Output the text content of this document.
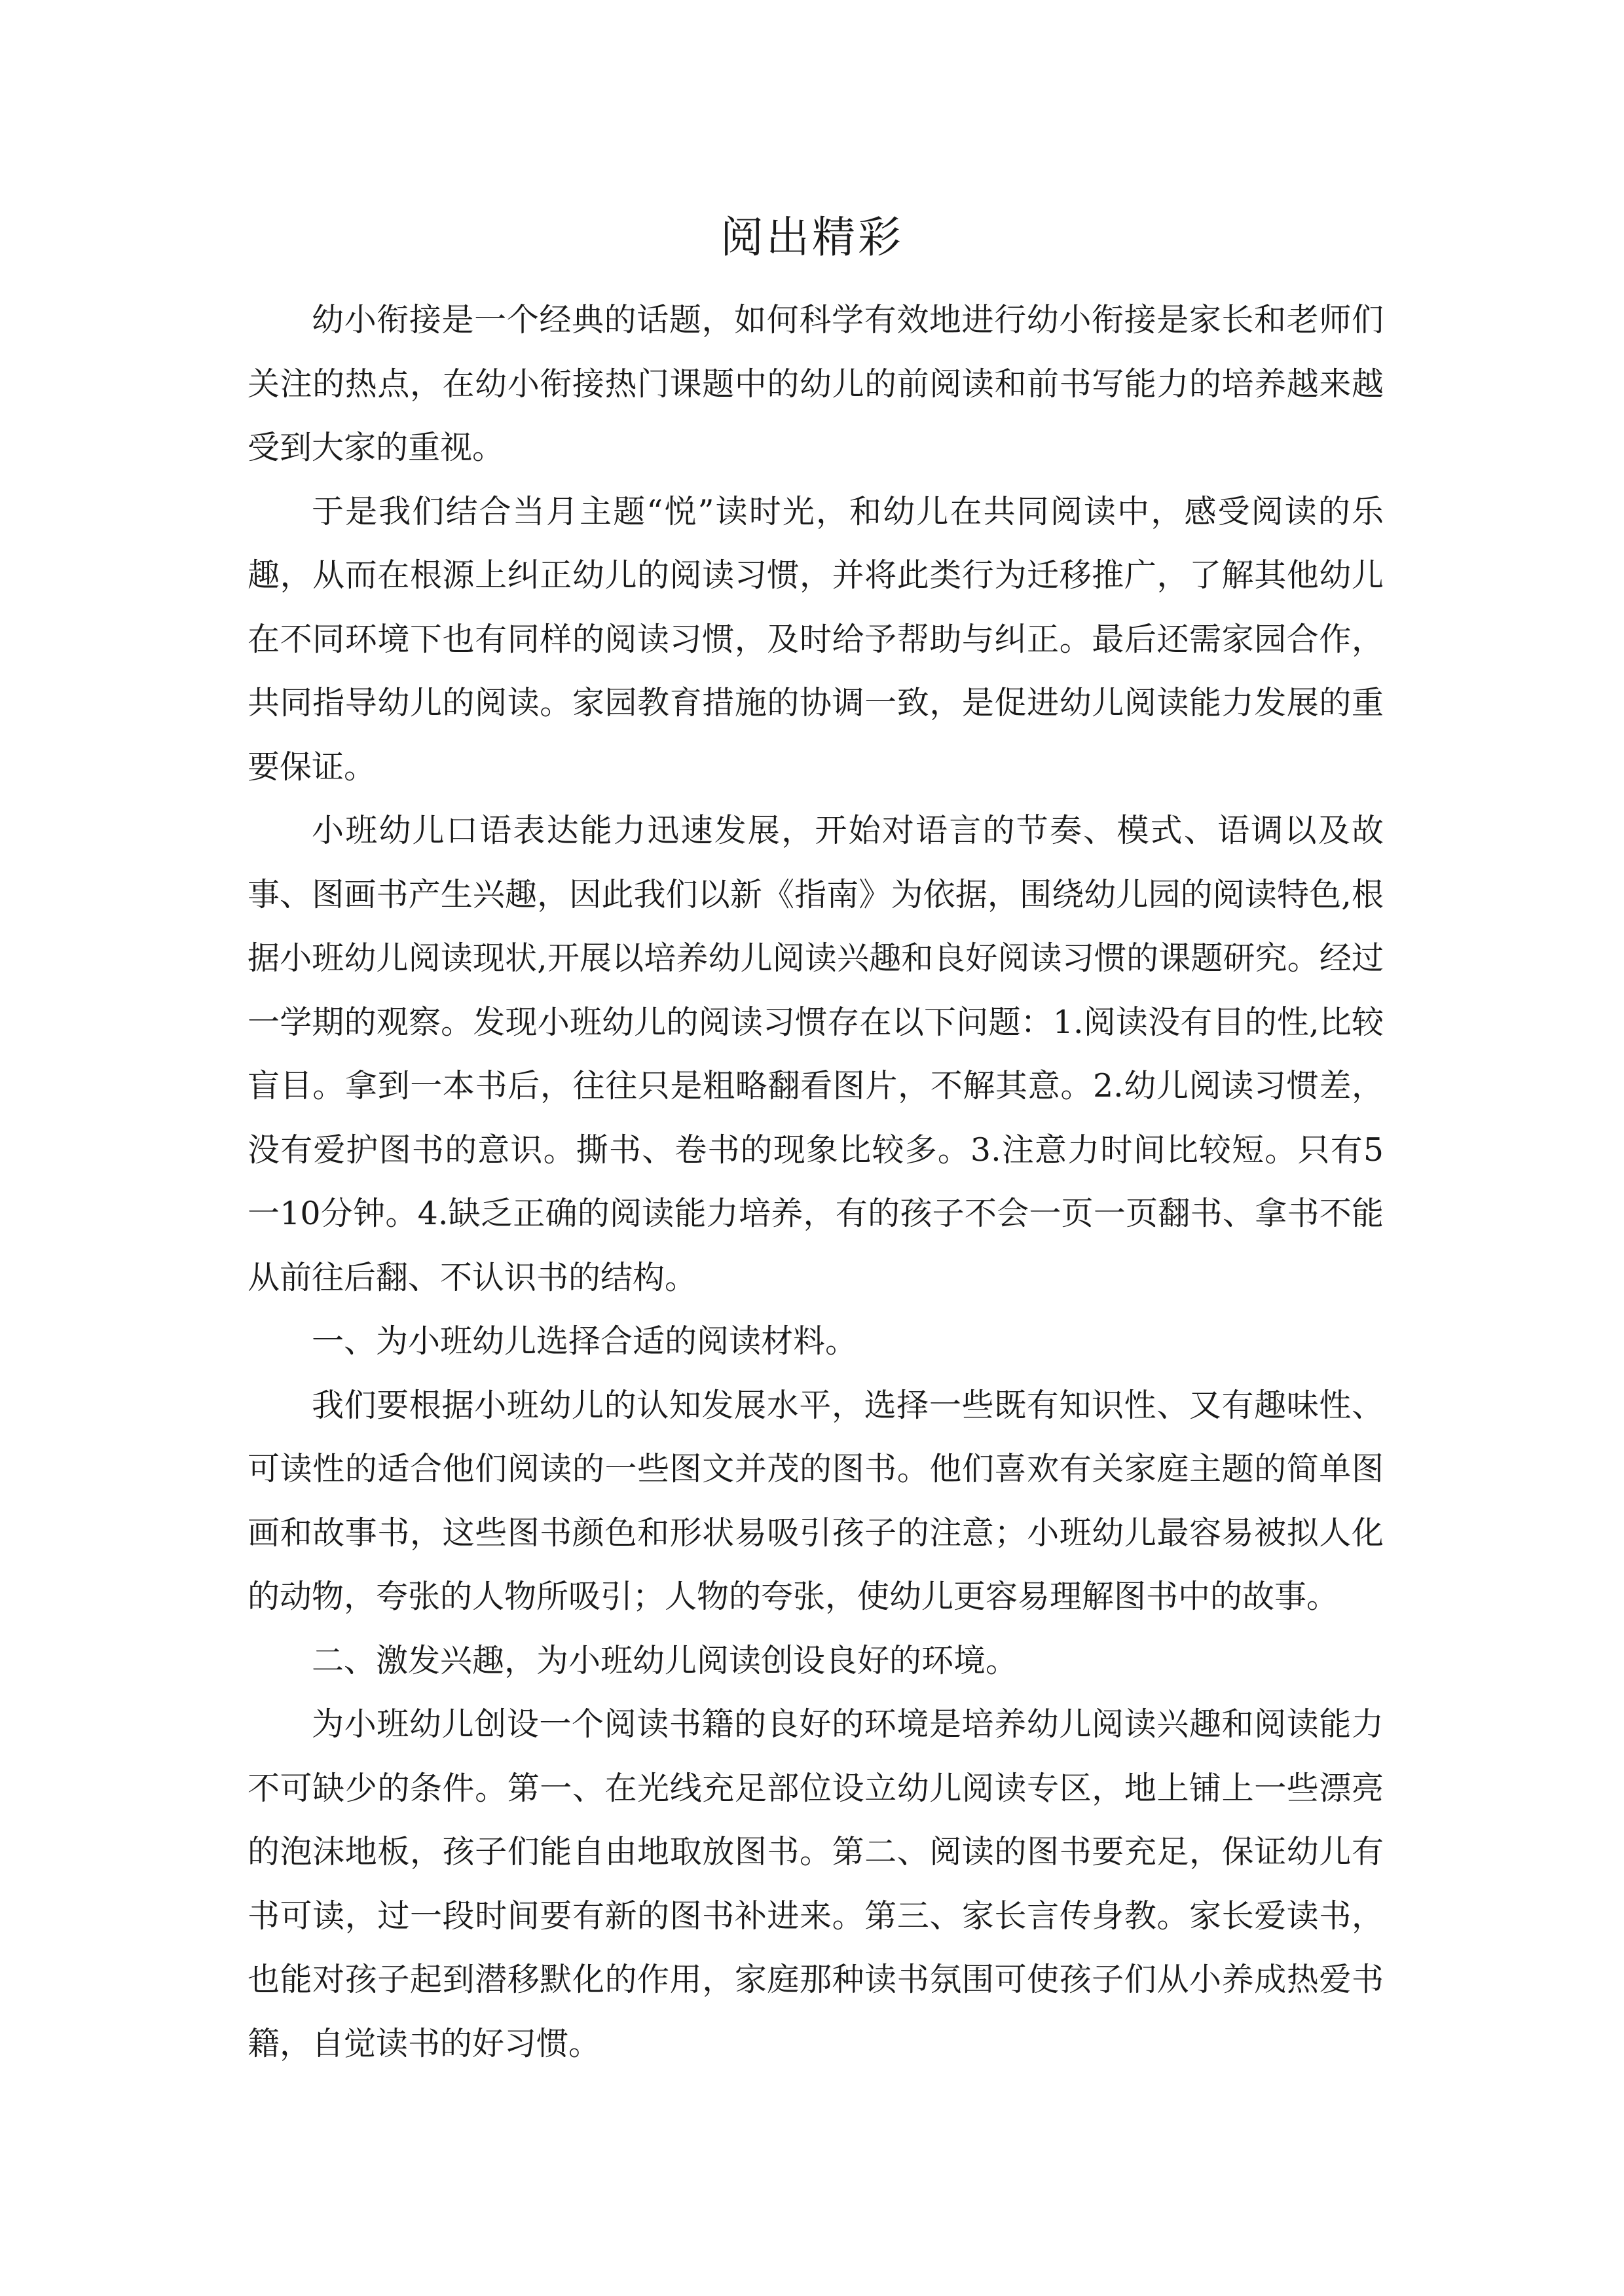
阅出精彩

幼小衔接是一个经典的话题，如何科学有效地进行幼小衔接是家长和老师们关注的热点，在幼小衔接热门课题中的幼儿的前阅读和前书写能力的培养越来越受到大家的重视。

于是我们结合当月主题“悦”读时光，和幼儿在共同阅读中，感受阅读的乐趣，从而在根源上纠正幼儿的阅读习惯，并将此类行为迁移推广，了解其他幼儿在不同环境下也有同样的阅读习惯，及时给予帮助与纠正。最后还需家园合作，共同指导幼儿的阅读。家园教育措施的协调一致，是促进幼儿阅读能力发展的重要保证。

小班幼儿口语表达能力迅速发展，开始对语言的节奏、模式、语调以及故事、图画书产生兴趣，因此我们以新《指南》为依据，围绕幼儿园的阅读特色,根据小班幼儿阅读现状,开展以培养幼儿阅读兴趣和良好阅读习惯的课题研究。经过一学期的观察。发现小班幼儿的阅读习惯存在以下问题：1.阅读没有目的性,比较盲目。拿到一本书后，往往只是粗略翻看图片，不解其意。2.幼儿阅读习惯差，没有爱护图书的意识。撕书、卷书的现象比较多。3.注意力时间比较短。只有5一10分钟。4.缺乏正确的阅读能力培养，有的孩子不会一页一页翻书、拿书不能从前往后翻、不认识书的结构。

一、为小班幼儿选择合适的阅读材料。

我们要根据小班幼儿的认知发展水平，选择一些既有知识性、又有趣味性、可读性的适合他们阅读的一些图文并茂的图书。他们喜欢有关家庭主题的简单图画和故事书，这些图书颜色和形状易吸引孩子的注意；小班幼儿最容易被拟人化的动物，夸张的人物所吸引；人物的夸张，使幼儿更容易理解图书中的故事。

二、激发兴趣，为小班幼儿阅读创设良好的环境。

为小班幼儿创设一个阅读书籍的良好的环境是培养幼儿阅读兴趣和阅读能力不可缺少的条件。第一、在光线充足部位设立幼儿阅读专区，地上铺上一些漂亮的泡沫地板，孩子们能自由地取放图书。第二、阅读的图书要充足，保证幼儿有书可读，过一段时间要有新的图书补进来。第三、家长言传身教。家长爱读书，也能对孩子起到潜移默化的作用，家庭那种读书氛围可使孩子们从小养成热爱书籍，自觉读书的好习惯。
